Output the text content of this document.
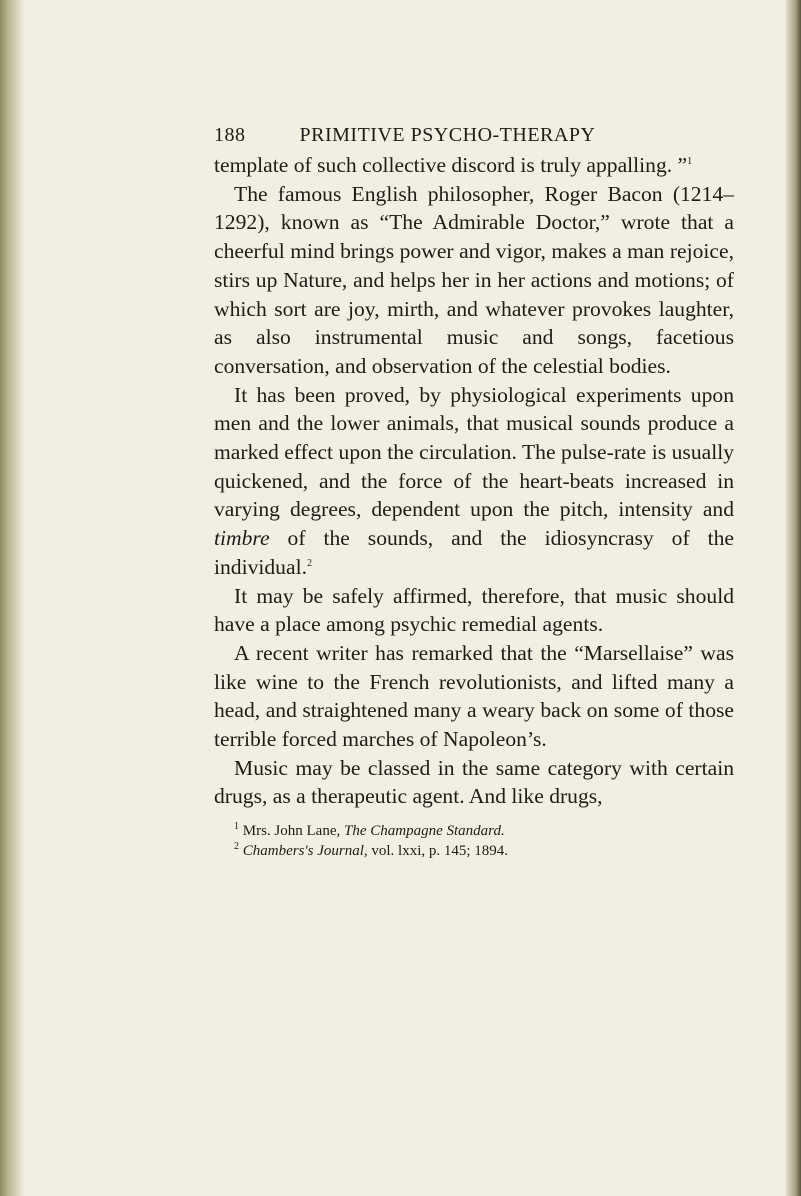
188	PRIMITIVE PSYCHO-THERAPY

template of such collective discord is truly appalling. ”$^1$

The famous English philosopher, Roger Bacon (1214–1292), known as “The Admirable Doctor,” wrote that a cheerful mind brings power and vigor, makes a man rejoice, stirs up Nature, and helps her in her actions and motions; of which sort are joy, mirth, and whatever provokes laughter, as also instrumental music and songs, facetious conversation, and observation of the celestial bodies.

It has been proved, by physiological experiments upon men and the lower animals, that musical sounds produce a marked effect upon the circulation. The pulse-rate is usually quickened, and the force of the heart-beats increased in varying degrees, dependent upon the pitch, intensity and timbre of the sounds, and the idiosyncrasy of the individual.$^2$

It may be safely affirmed, therefore, that music should have a place among psychic remedial agents.

A recent writer has remarked that the “Marsellaise” was like wine to the French revolutionists, and lifted many a head, and straightened many a weary back on some of those terrible forced marches of Napoleon’s.

Music may be classed in the same category with certain drugs, as a therapeutic agent. And like drugs,

$^1$ Mrs. John Lane, The Champagne Standard.
$^2$ Chambers's Journal, vol. lxxi, p. 145; 1894.
